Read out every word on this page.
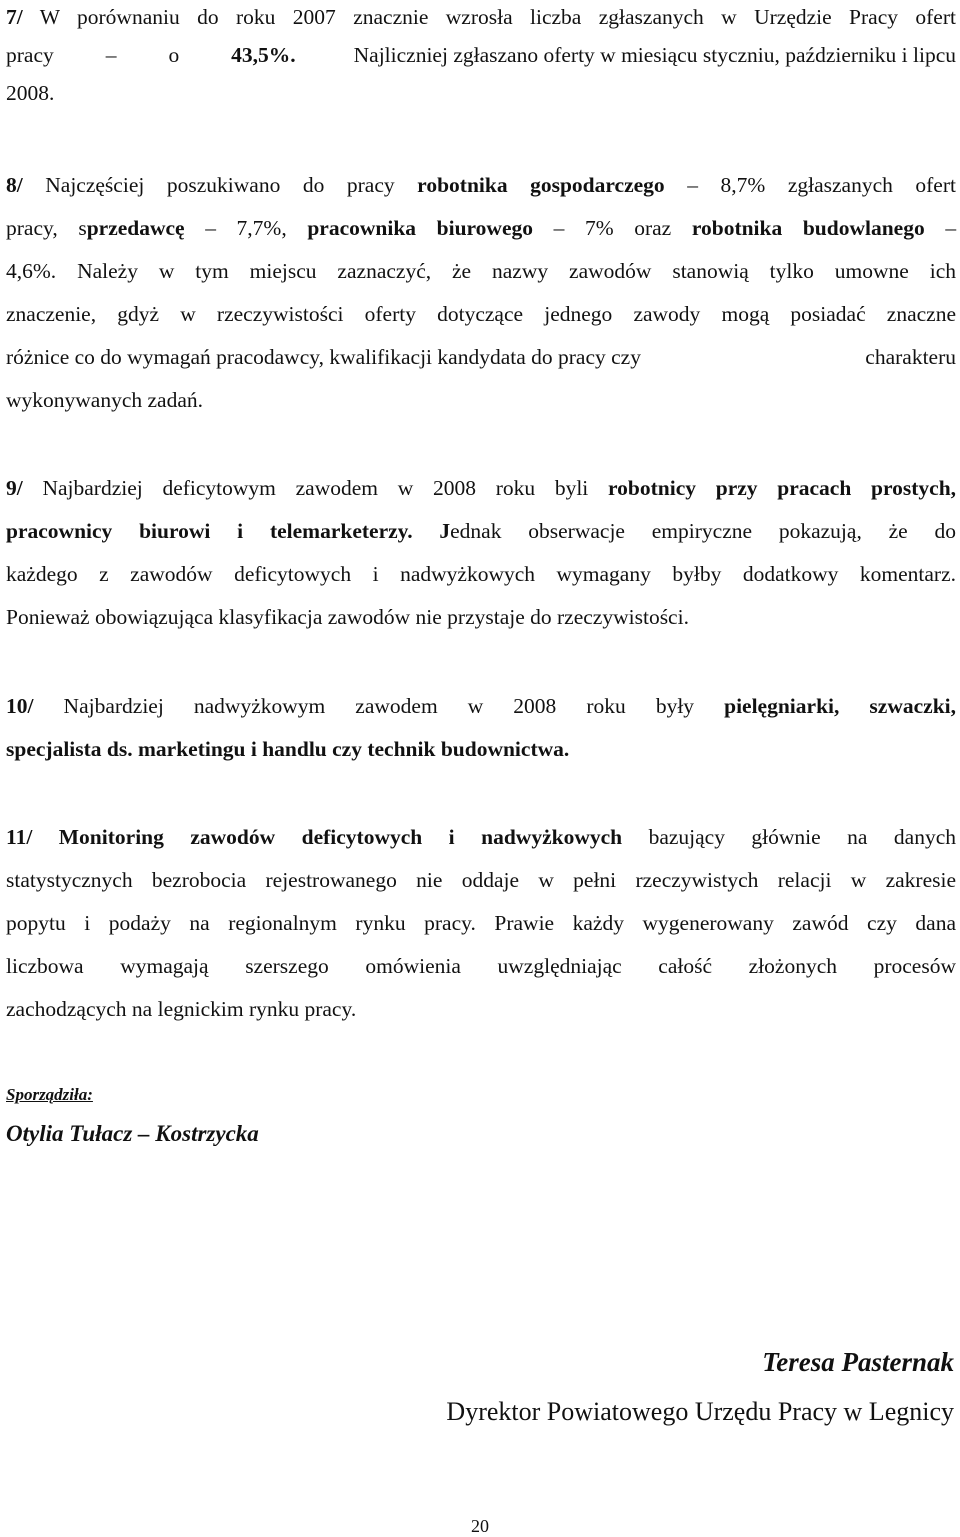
7/ W porównaniu do roku 2007 znacznie wzrosła liczba zgłaszanych w Urzędzie Pracy ofert
pracy – o 43,5%.	Najliczniej zgłaszano oferty w miesiącu styczniu, październiku i lipcu
2008.
8/ Najczęściej poszukiwano do pracy robotnika gospodarczego – 8,7% zgłaszanych ofert
pracy, sprzedawcę – 7,7%, pracownika biurowego – 7% oraz robotnika budowlanego –
4,6%. Należy w tym miejscu zaznaczyć, że nazwy zawodów stanowią tylko umowne ich
znaczenie, gdyż w rzeczywistości oferty dotyczące jednego zawody mogą posiadać znaczne
różnice co do wymagań pracodawcy, kwalifikacji kandydata do pracy czy	charakteru
wykonywanych zadań.
9/ Najbardziej deficytowym zawodem w 2008 roku byli robotnicy przy pracach prostych,
pracownicy biurowi i telemarketerzy. Jednak obserwacje empiryczne pokazują, że do
każdego z zawodów deficytowych i nadwyżkowych wymagany byłby dodatkowy komentarz.
Ponieważ obowiązująca klasyfikacja zawodów nie przystaje do rzeczywistości.
10/ Najbardziej nadwyżkowym zawodem w 2008 roku były pielęgniarki, szwaczki,
specjalista ds. marketingu i handlu czy technik budownictwa.
11/ Monitoring zawodów deficytowych i nadwyżkowych bazujący głównie na danych
statystycznych bezrobocia rejestrowanego nie oddaje w pełni rzeczywistych relacji w zakresie
popytu i podaży na regionalnym rynku pracy. Prawie każdy wygenerowany zawód czy dana
liczbowa wymagają szerszego omówienia uwzględniając całość złożonych procesów
zachodzących na legnickim rynku pracy.
Sporządziła:
Otylia Tułacz – Kostrzycka
Teresa Pasternak
Dyrektor Powiatowego Urzędu Pracy w Legnicy
20
